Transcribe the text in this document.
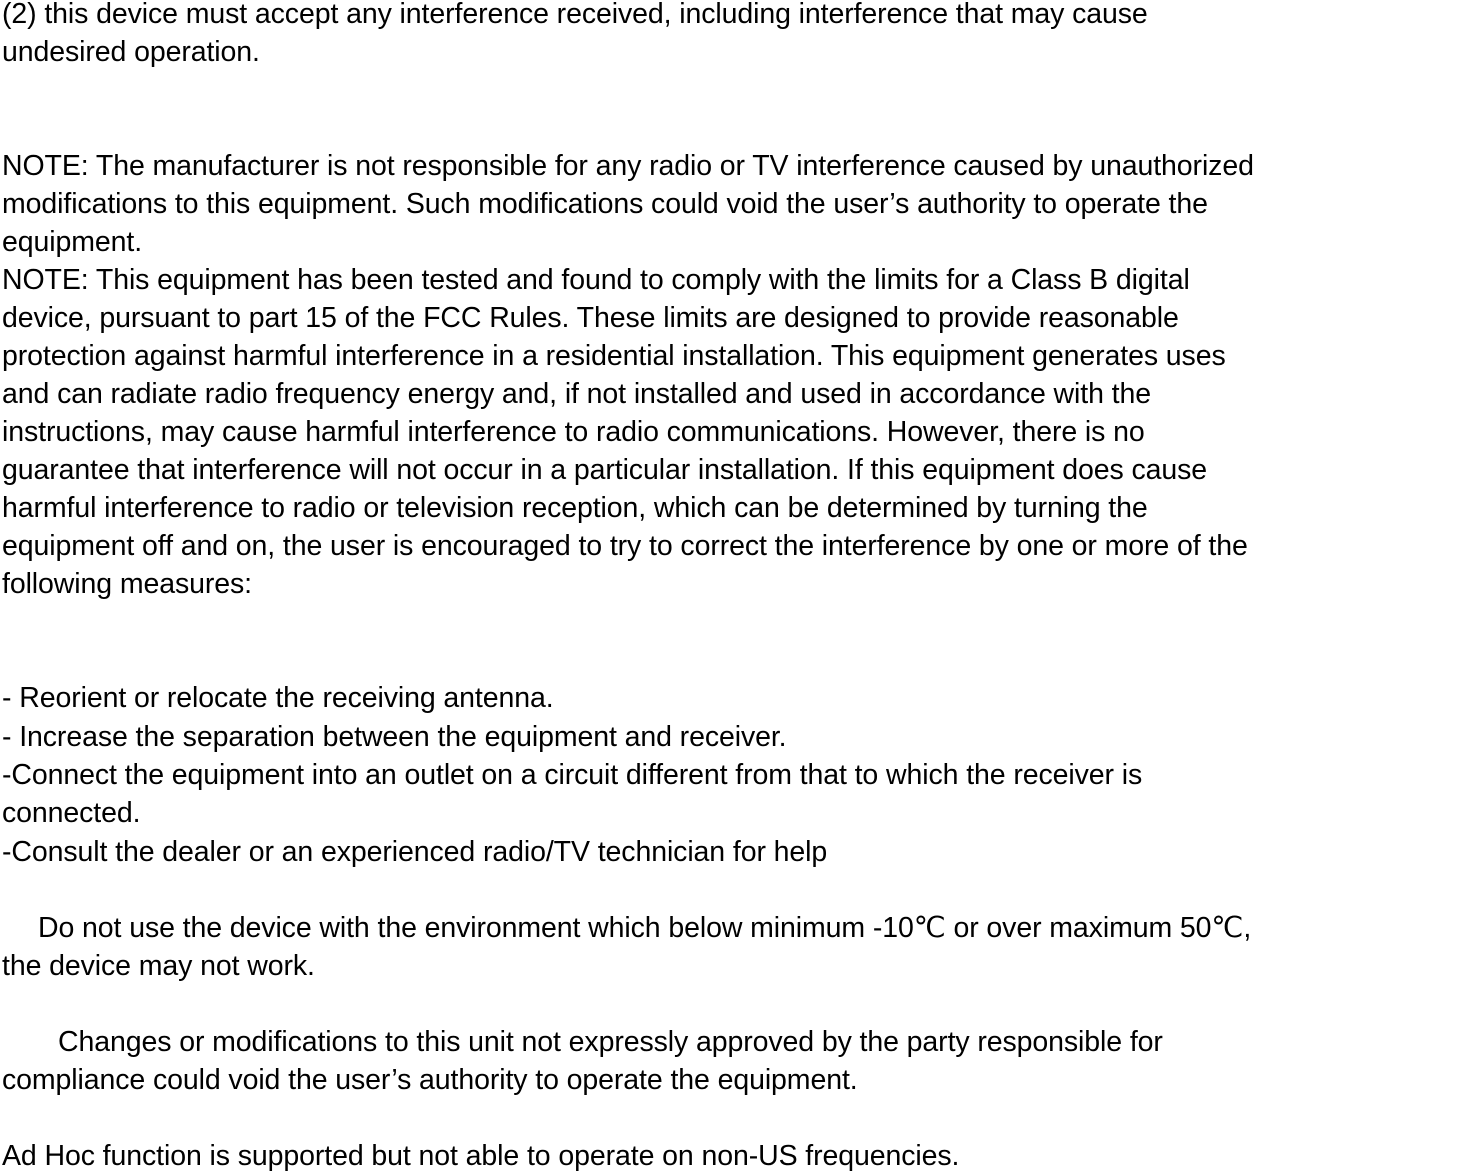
(2) this device must accept any interference received, including interference that may cause
undesired operation.
NOTE: The manufacturer is not responsible for any radio or TV interference caused by unauthorized
modifications to this equipment. Such modifications could void the user’s authority to operate the
equipment.
NOTE: This equipment has been tested and found to comply with the limits for a Class B digital
device, pursuant to part 15 of the FCC Rules. These limits are designed to provide reasonable
protection against harmful interference in a residential installation. This equipment generates uses
and can radiate radio frequency energy and, if not installed and used in accordance with the
instructions, may cause harmful interference to radio communications. However, there is no
guarantee that interference will not occur in a particular installation. If this equipment does cause
harmful interference to radio or television reception, which can be determined by turning the
equipment off and on, the user is encouraged to try to correct the interference by one or more of the
following measures:
- Reorient or relocate the receiving antenna.
- Increase the separation between the equipment and receiver.
-Connect the equipment into an outlet on a circuit different from that to which the receiver is
connected.
-Consult the dealer or an experienced radio/TV technician for help
Do not use the device with the environment which below minimum -10℃ or over maximum 50℃,
the device may not work.
Changes or modifications to this unit not expressly approved by the party responsible for
compliance could void the user’s authority to operate the equipment.
Ad Hoc function is supported but not able to operate on non-US frequencies.
